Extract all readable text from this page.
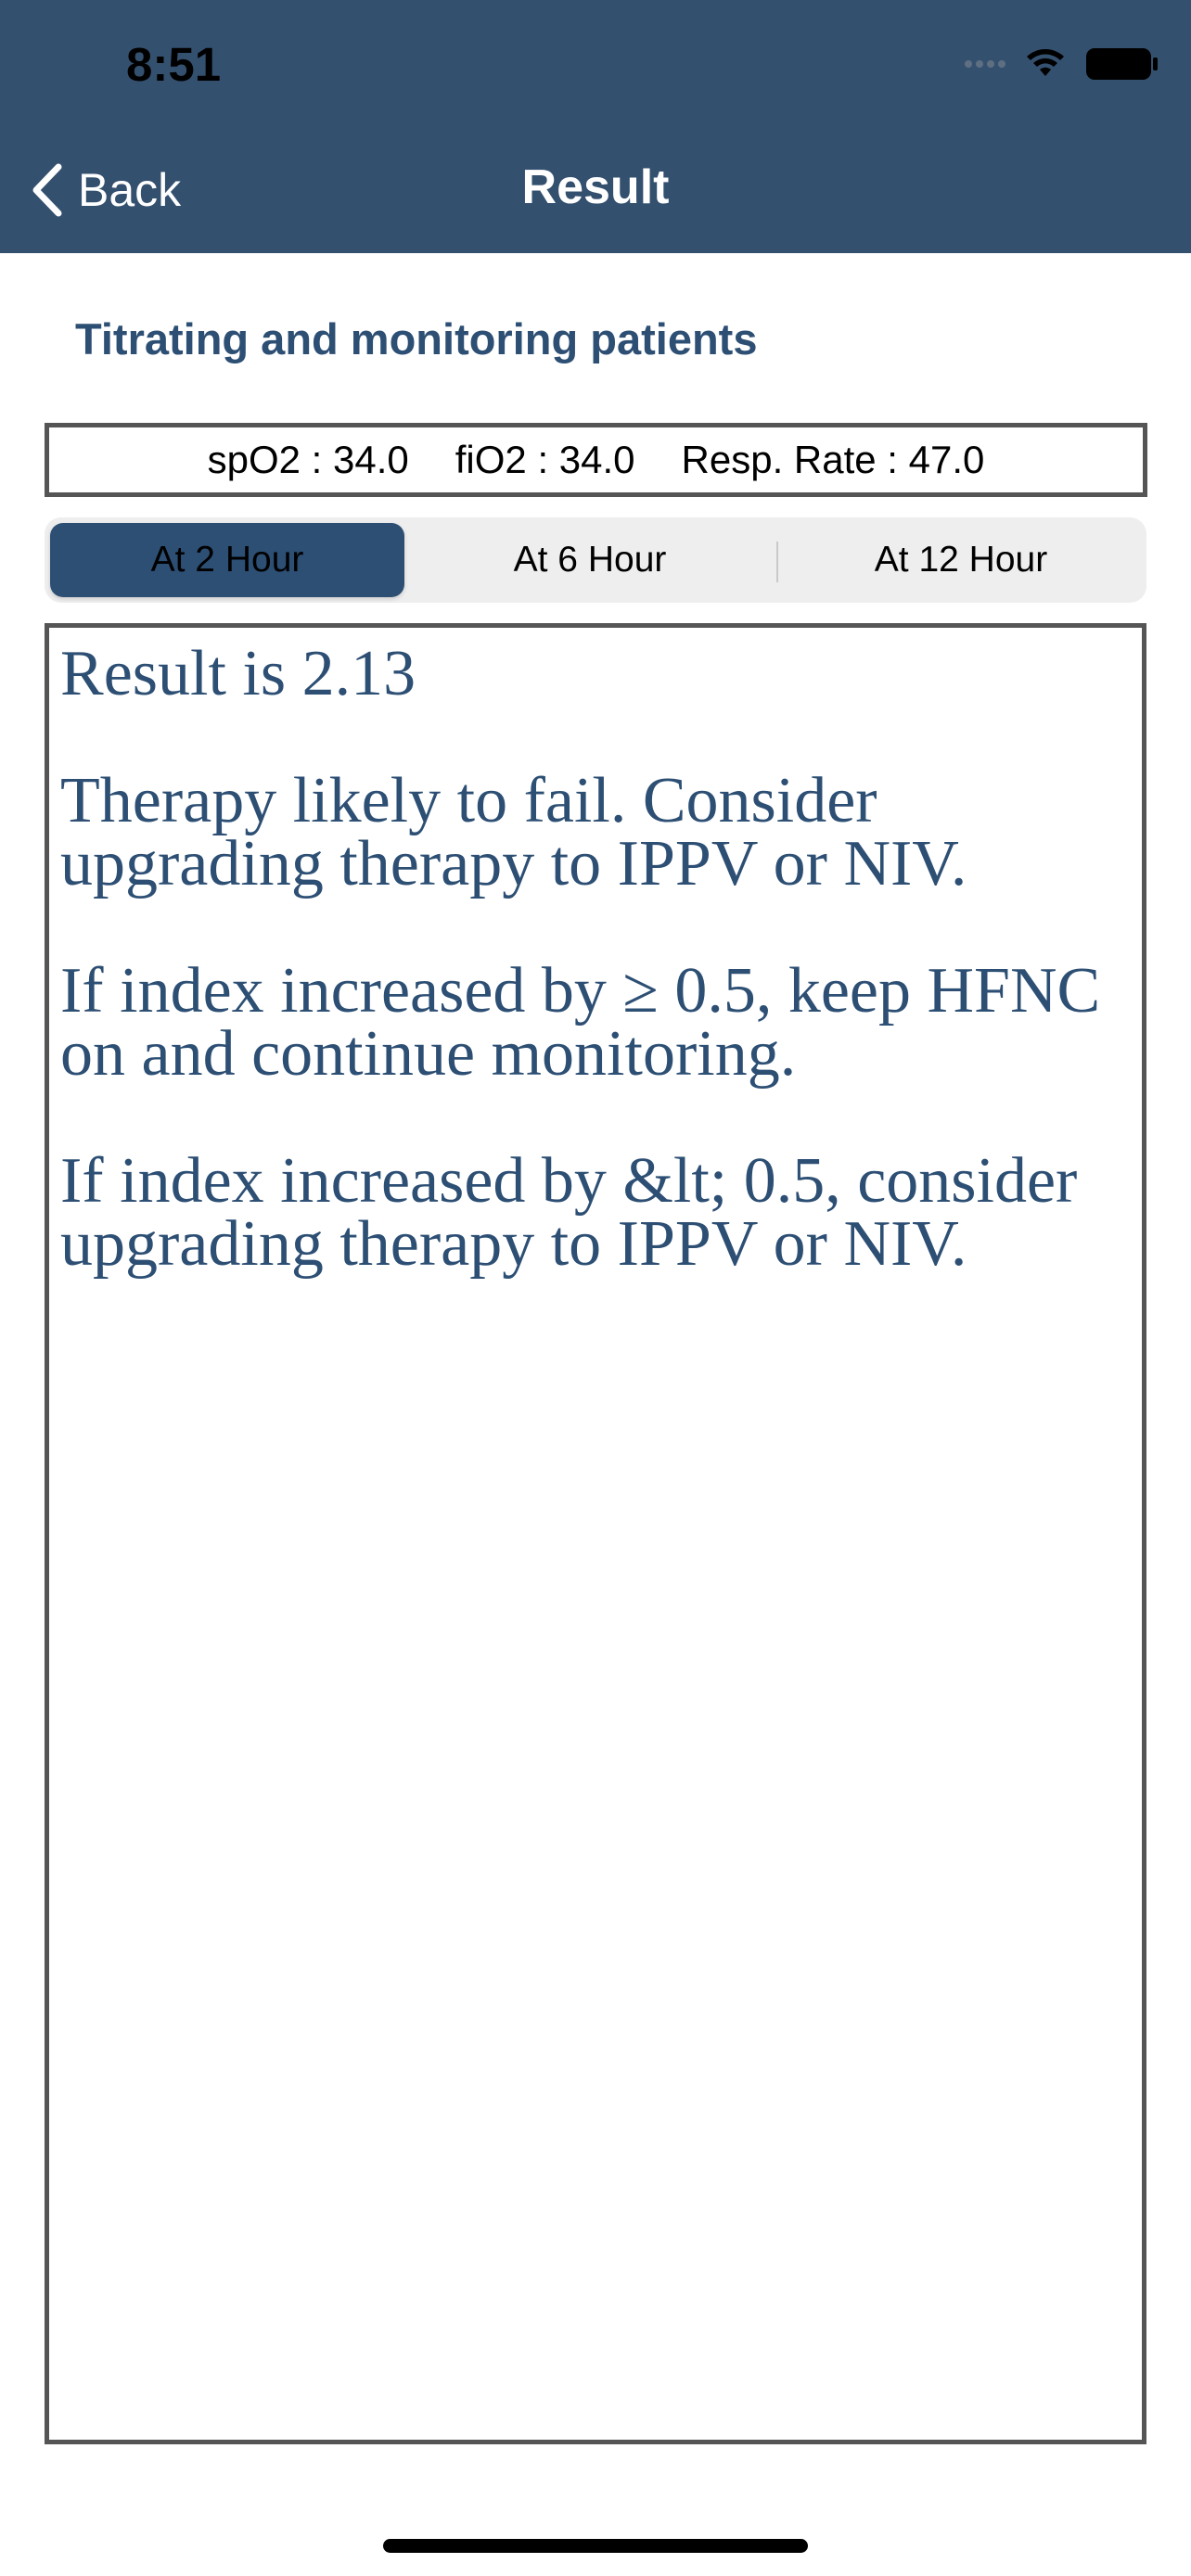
8:51
Back	Result
Titrating and monitoring patients
spO2 : 34.0 fiO2 : 34.0 Resp. Rate : 47.0
At 2 Hour	At 6 Hour	At 12 Hour

Result is 2.13

Therapy likely to fail. Consider upgrading therapy to IPPV or NIV.

If index increased by ≥ 0.5, keep HFNC on and continue monitoring.

If index increased by &lt; 0.5, consider upgrading therapy to IPPV or NIV.
